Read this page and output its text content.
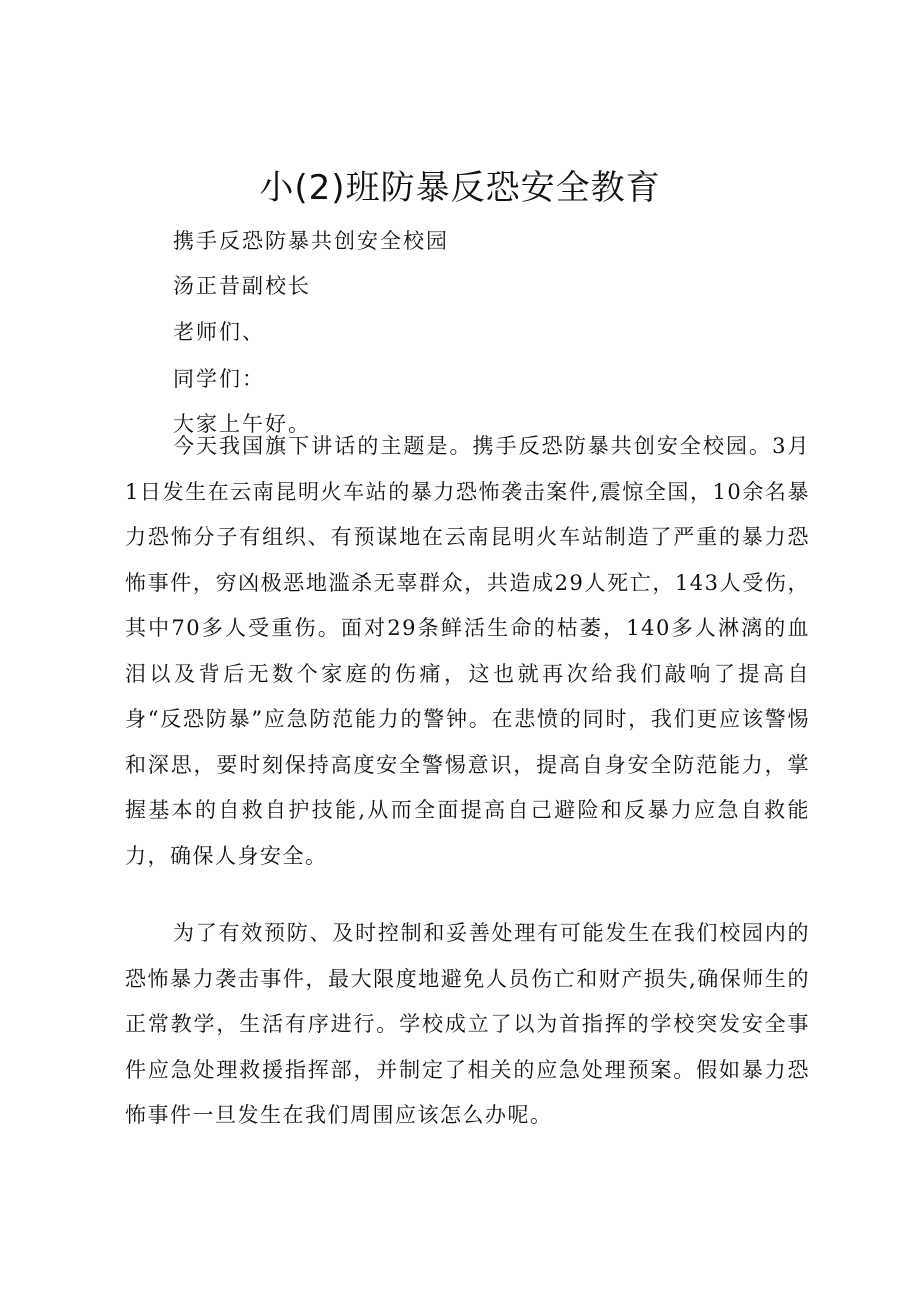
小(2)班防暴反恐安全教育
携手反恐防暴共创安全校园
汤正昔副校长
老师们、
同学们：
大家上午好。

今天我国旗下讲话的主题是。携手反恐防暴共创安全校园。3月1日发生在云南昆明火车站的暴力恐怖袭击案件,震惊全国，10余名暴力恐怖分子有组织、有预谋地在云南昆明火车站制造了严重的暴力恐怖事件，穷凶极恶地滥杀无辜群众，共造成29人死亡，143人受伤，其中70多人受重伤。面对29条鲜活生命的枯萎，140多人淋漓的血泪以及背后无数个家庭的伤痛，这也就再次给我们敲响了提高自身“反恐防暴”应急防范能力的警钟。在悲愤的同时，我们更应该警惕和深思，要时刻保持高度安全警惕意识，提高自身安全防范能力，掌握基本的自救自护技能,从而全面提高自己避险和反暴力应急自救能力，确保人身安全。

为了有效预防、及时控制和妥善处理有可能发生在我们校园内的恐怖暴力袭击事件，最大限度地避免人员伤亡和财产损失,确保师生的正常教学，生活有序进行。学校成立了以为首指挥的学校突发安全事件应急处理救援指挥部，并制定了相关的应急处理预案。假如暴力恐怖事件一旦发生在我们周围应该怎么办呢。
